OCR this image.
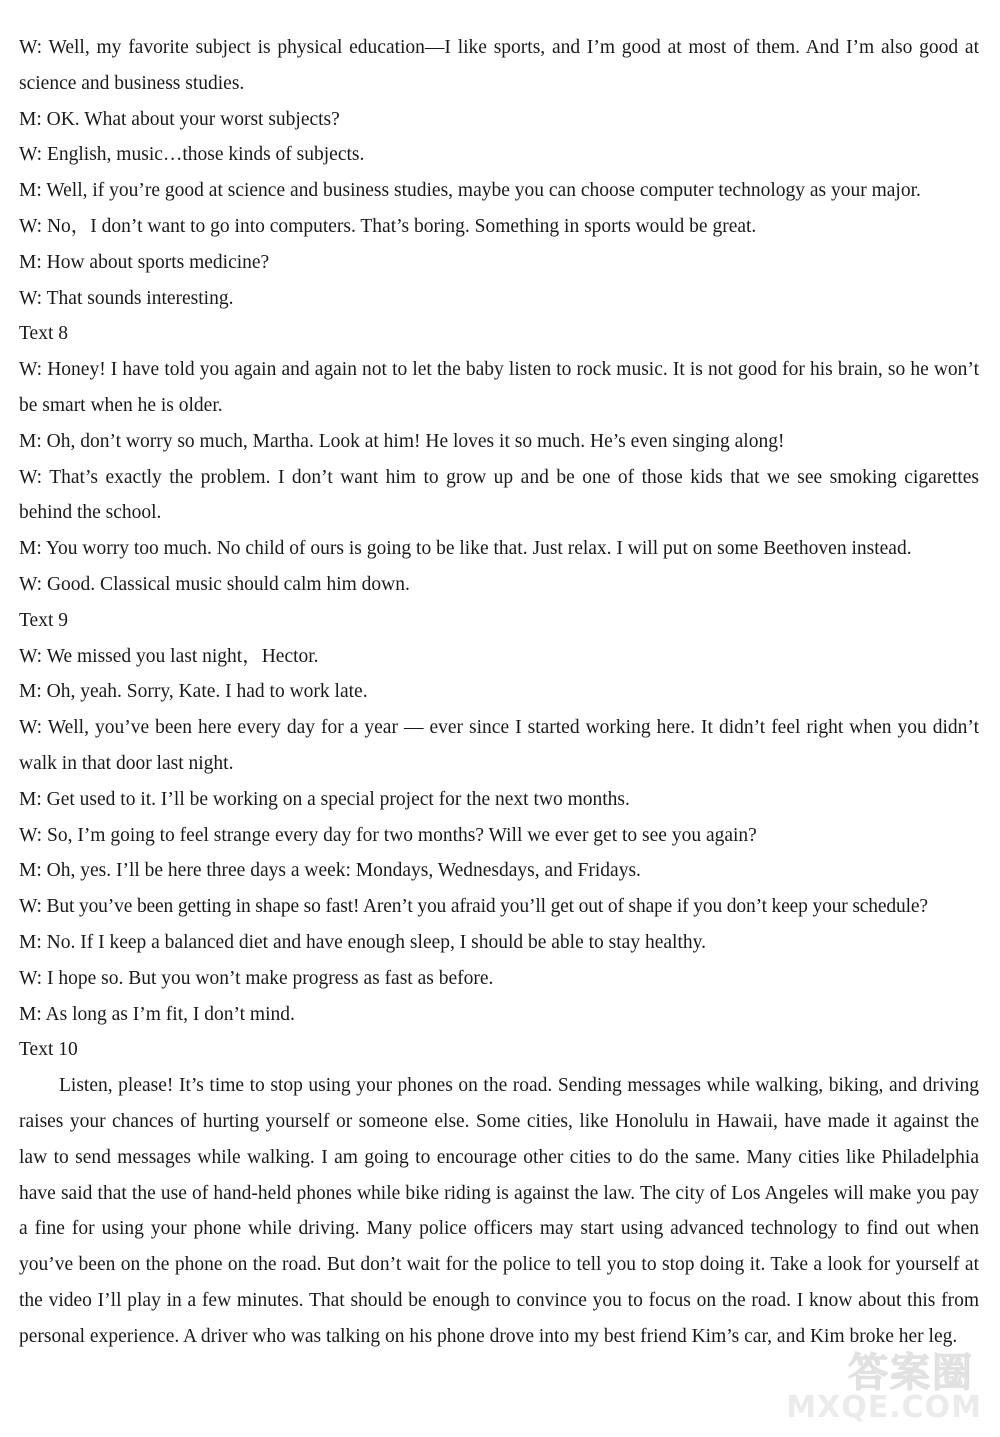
W: Well, my favorite subject is physical education—I like sports, and I’m good at most of them. And I’m also good at science and business studies.

M: OK. What about your worst subjects?

W: English, music…those kinds of subjects.

M: Well, if you’re good at science and business studies, maybe you can choose computer technology as your major.

W: No，I don’t want to go into computers. That’s boring. Something in sports would be great.

M: How about sports medicine?

W: That sounds interesting.

Text 8

W: Honey! I have told you again and again not to let the baby listen to rock music. It is not good for his brain, so he won’t be smart when he is older.

M: Oh, don’t worry so much, Martha. Look at him! He loves it so much. He’s even singing along!

W: That’s exactly the problem. I don’t want him to grow up and be one of those kids that we see smoking cigarettes behind the school.

M: You worry too much. No child of ours is going to be like that. Just relax. I will put on some Beethoven instead.

W: Good. Classical music should calm him down.

Text 9

W: We missed you last night，Hector.

M: Oh, yeah. Sorry, Kate. I had to work late.

W: Well, you’ve been here every day for a year — ever since I started working here. It didn’t feel right when you didn’t walk in that door last night.

M: Get used to it. I’ll be working on a special project for the next two months.

W: So, I’m going to feel strange every day for two months? Will we ever get to see you again?

M: Oh, yes. I’ll be here three days a week: Mondays, Wednesdays, and Fridays.

W: But you’ve been getting in shape so fast! Aren’t you afraid you’ll get out of shape if you don’t keep your schedule?

M: No. If I keep a balanced diet and have enough sleep, I should be able to stay healthy.

W: I hope so. But you won’t make progress as fast as before.

M: As long as I’m fit, I don’t mind.

Text 10

Listen, please! It’s time to stop using your phones on the road. Sending messages while walking, biking, and driving raises your chances of hurting yourself or someone else. Some cities, like Honolulu in Hawaii, have made it against the law to send messages while walking. I am going to encourage other cities to do the same. Many cities like Philadelphia have said that the use of hand-held phones while bike riding is against the law. The city of Los Angeles will make you pay a fine for using your phone while driving. Many police officers may start using advanced technology to find out when you’ve been on the phone on the road. But don’t wait for the police to tell you to stop doing it. Take a look for yourself at the video I’ll play in a few minutes. That should be enough to convince you to focus on the road. I know about this from personal experience. A driver who was talking on his phone drove into my best friend Kim’s car, and Kim broke her leg.

答案圈
MXQE.COM
